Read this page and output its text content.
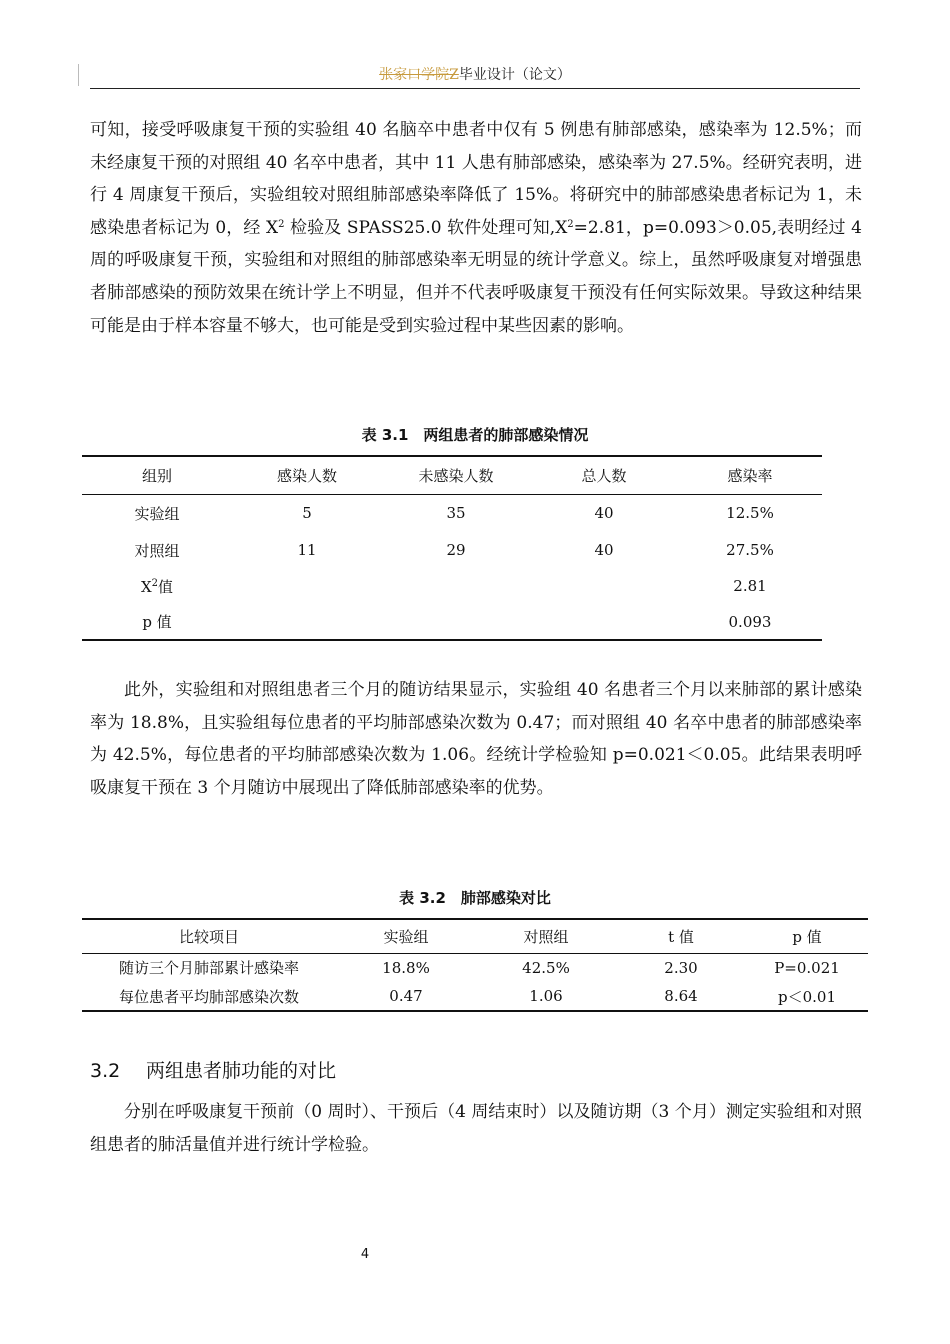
张家口学院Z毕业设计（论文）

可知，接受呼吸康复干预的实验组 40 名脑卒中患者中仅有 5 例患有肺部感染，感染率为 12.5%；而未经康复干预的对照组 40 名卒中患者，其中 11 人患有肺部感染，感染率为 27.5%。经研究表明，进行 4 周康复干预后，实验组较对照组肺部感染率降低了 15%。将研究中的肺部感染患者标记为 1，未感染患者标记为 0，经 $X^2$ 检验及 SPASS25.0 软件处理可知$,X^2=2.81$，p=0.093＞0.05,表明经过 4 周的呼吸康复干预，实验组和对照组的肺部感染率无明显的统计学意义。综上，虽然呼吸康复对增强患者肺部感染的预防效果在统计学上不明显，但并不代表呼吸康复干预没有任何实际效果。导致这种结果可能是由于样本容量不够大，也可能是受到实验过程中某些因素的影响。

表 3.1　两组患者的肺部感染情况
组别	感染人数	未感染人数	总人数	感染率
实验组	5	35	40	12.5%
对照组	11	29	40	27.5%
$X^2$值				2.81
p 值				0.093

此外，实验组和对照组患者三个月的随访结果显示，实验组 40 名患者三个月以来肺部的累计感染率为 18.8%，且实验组每位患者的平均肺部感染次数为 0.47；而对照组 40 名卒中患者的肺部感染率为 42.5%，每位患者的平均肺部感染次数为 1.06。经统计学检验知 p=0.021＜0.05。此结果表明呼吸康复干预在 3 个月随访中展现出了降低肺部感染率的优势。

表 3.2　肺部感染对比
比较项目	实验组	对照组	t 值	p 值
随访三个月肺部累计感染率	18.8%	42.5%	2.30	P=0.021
每位患者平均肺部感染次数	0.47	1.06	8.64	p＜0.01
3.2 两组患者肺功能的对比

分别在呼吸康复干预前（0 周时）、干预后（4 周结束时）以及随访期（3 个月）测定实验组和对照组患者的肺活量值并进行统计学检验。

4
